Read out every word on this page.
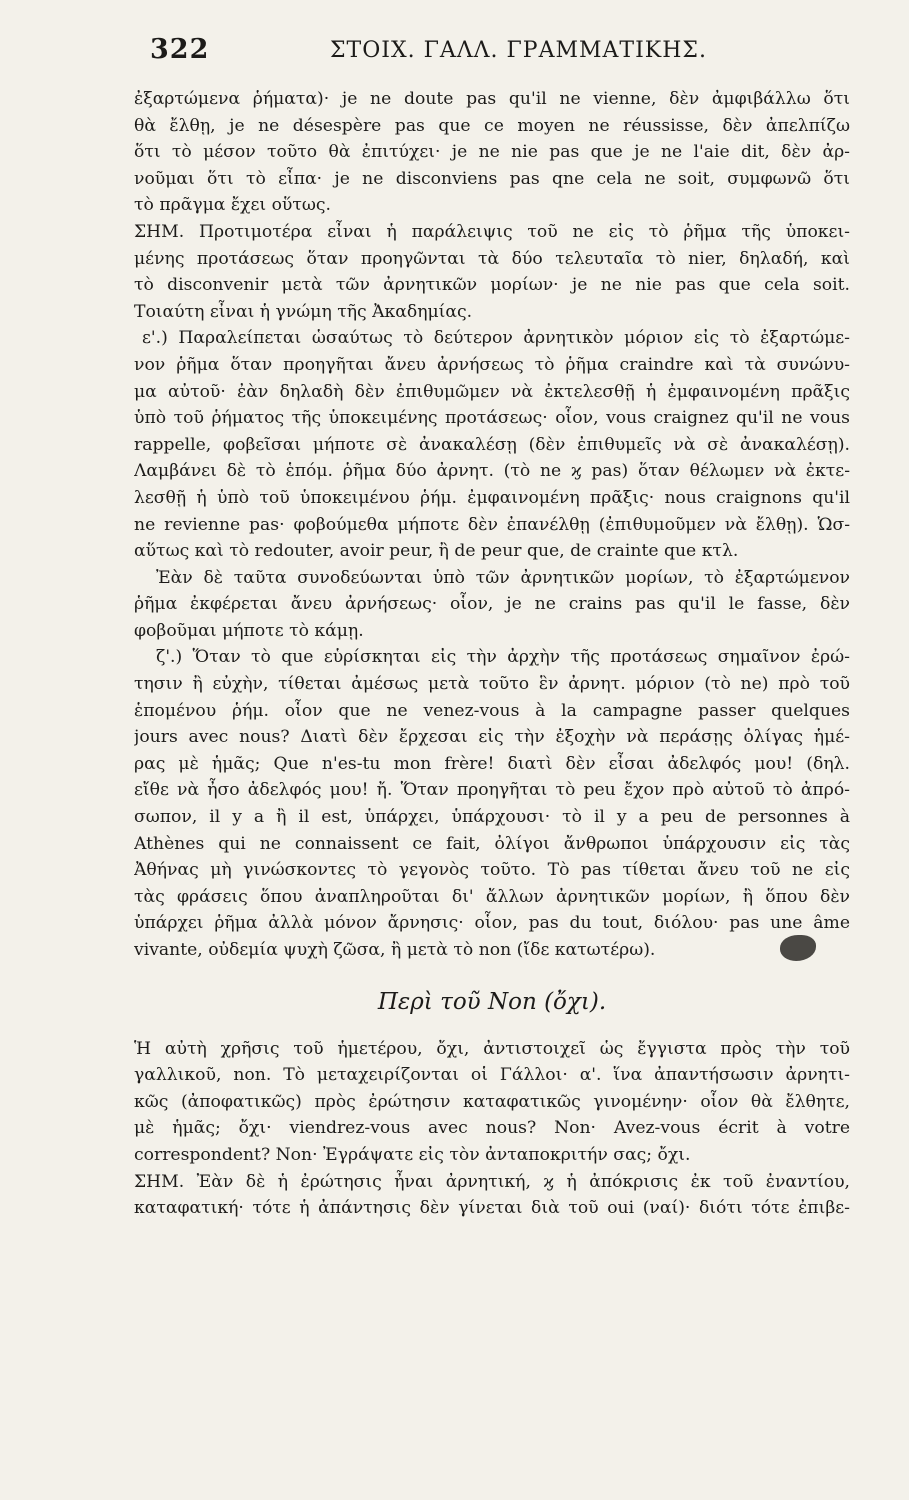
322	ΣΤΟΙΧ. ΓΑΛΛ. ΓΡΑΜΜΑΤΙΚΗΣ.

ἐξαρτώμενα ῥήματα)· je ne doute pas qu'il ne vienne, δὲν ἀμφιβάλλω ὅτι

θὰ ἔλθῃ, je ne désespère pas que ce moyen ne réussisse, δὲν ἀπελπίζω

ὅτι τὸ μέσον τοῦτο θὰ ἐπιτύχει· je ne nie pas que je ne l'aie dit, δὲν ἀρ-

νοῦμαι ὅτι τὸ εἶπα· je ne disconviens pas qne cela ne soit, συμφωνῶ ὅτι

τὸ πρᾶγμα ἔχει οὕτως.

ΣΗΜ. Προτιμοτέρα εἶναι ἡ παράλειψις τοῦ ne εἰς τὸ ῥῆμα τῆς ὑποκει-

μένης προτάσεως ὅταν προηγῶνται τὰ δύο τελευταῖα τὸ nier, δηλαδή, καὶ

τὸ disconvenir μετὰ τῶν ἀρνητικῶν μορίων· je ne nie pas que cela soit.

Τοιαύτη εἶναι ἡ γνώμη τῆς Ἀκαδημίας.

ε'.) Παραλείπεται ὡσαύτως τὸ δεύτερον ἀρνητικὸν μόριον εἰς τὸ ἐξαρτώμε-

νον ῥῆμα ὅταν προηγῆται ἄνευ ἀρνήσεως τὸ ῥῆμα craindre καὶ τὰ συνώνυ-

μα αὐτοῦ· ἐὰν δηλαδὴ δὲν ἐπιθυμῶμεν νὰ ἐκτελεσθῇ ἡ ἐμφαινομένη πρᾶξις

ὑπὸ τοῦ ῥήματος τῆς ὑποκειμένης προτάσεως· οἷον, vous craignez qu'il ne vous

rappelle, φοβεῖσαι μήποτε σὲ ἀνακαλέσῃ (δὲν ἐπιθυμεῖς νὰ σὲ ἀνακαλέσῃ).

Λαμβάνει δὲ τὸ ἑπόμ. ῥῆμα δύο ἀρνητ. (τὸ ne ϗ pas) ὅταν θέλωμεν νὰ ἐκτε-

λεσθῇ ἡ ὑπὸ τοῦ ὑποκειμένου ῥήμ. ἐμφαινομένη πρᾶξις· nous craignons qu'il

ne revienne pas· φοβούμεθα μήποτε δὲν ἐπανέλθῃ (ἐπιθυμοῦμεν νὰ ἔλθῃ). Ὡσ-

αὕτως καὶ τὸ redouter, avoir peur, ἢ de peur que, de crainte que κτλ.

Ἐὰν δὲ ταῦτα συνοδεύωνται ὑπὸ τῶν ἀρνητικῶν μορίων, τὸ ἐξαρτώμενον

ῥῆμα ἐκφέρεται ἄνευ ἀρνήσεως· οἷον, je ne crains pas qu'il le fasse, δὲν

φοβοῦμαι μήποτε τὸ κάμῃ.

ζ'.) Ὅταν τὸ que εὑρίσκηται εἰς τὴν ἀρχὴν τῆς προτάσεως σημαῖνον ἐρώ-

τησιν ἢ εὐχὴν, τίθεται ἀμέσως μετὰ τοῦτο ἓν ἀρνητ. μόριον (τὸ ne) πρὸ τοῦ

ἑπομένου ῥήμ. οἷον que ne venez-vous à la campagne passer quelques

jours avec nous? Διατὶ δὲν ἔρχεσαι εἰς τὴν ἐξοχὴν νὰ περάσῃς ὀλίγας ἡμέ-

ρας μὲ ἡμᾶς; Que n'es-tu mon frère! διατὶ δὲν εἶσαι ἀδελφός μου! (δηλ.

εἴθε νὰ ἦσο ἀδελφός μου! ἤ. Ὅταν προηγῆται τὸ peu ἔχον πρὸ αὐτοῦ τὸ ἀπρό-

σωπον, il y a ἢ il est, ὑπάρχει, ὑπάρχουσι· τὸ il y a peu de personnes à

Athènes qui ne connaissent ce fait, ὀλίγοι ἄνθρωποι ὑπάρχουσιν εἰς τὰς

Ἀθήνας μὴ γινώσκοντες τὸ γεγονὸς τοῦτο. Τὸ pas τίθεται ἄνευ τοῦ ne εἰς

τὰς φράσεις ὅπου ἀναπληροῦται δι' ἄλλων ἀρνητικῶν μορίων, ἢ ὅπου δὲν

ὑπάρχει ῥῆμα ἀλλὰ μόνον ἄρνησις· οἷον, pas du tout, διόλου· pas une âme

vivante, οὐδεμία ψυχὴ ζῶσα, ἢ μετὰ τὸ non (ἴδε κατωτέρω).

Περὶ τοῦ Non (ὄχι).

Ἡ αὐτὴ χρῆσις τοῦ ἡμετέρου, ὄχι, ἀντιστοιχεῖ ὡς ἔγγιστα πρὸς τὴν τοῦ

γαλλικοῦ, non. Τὸ μεταχειρίζονται οἱ Γάλλοι· α'. ἵνα ἀπαντήσωσιν ἀρνητι-

κῶς (ἀποφατικῶς) πρὸς ἐρώτησιν καταφατικῶς γινομένην· οἷον θὰ ἔλθητε,

μὲ ἡμᾶς; ὄχι· viendrez-vous avec nous? Non· Avez-vous écrit à votre

correspondent? Non· Ἐγράψατε εἰς τὸν ἀνταποκριτήν σας; ὄχι.

ΣΗΜ. Ἐὰν δὲ ἡ ἐρώτησις ἦναι ἀρνητική, ϗ ἡ ἀπόκρισις ἐκ τοῦ ἐναντίου,

καταφατική· τότε ἡ ἀπάντησις δὲν γίνεται διὰ τοῦ oui (ναί)· διότι τότε ἐπιβε-
